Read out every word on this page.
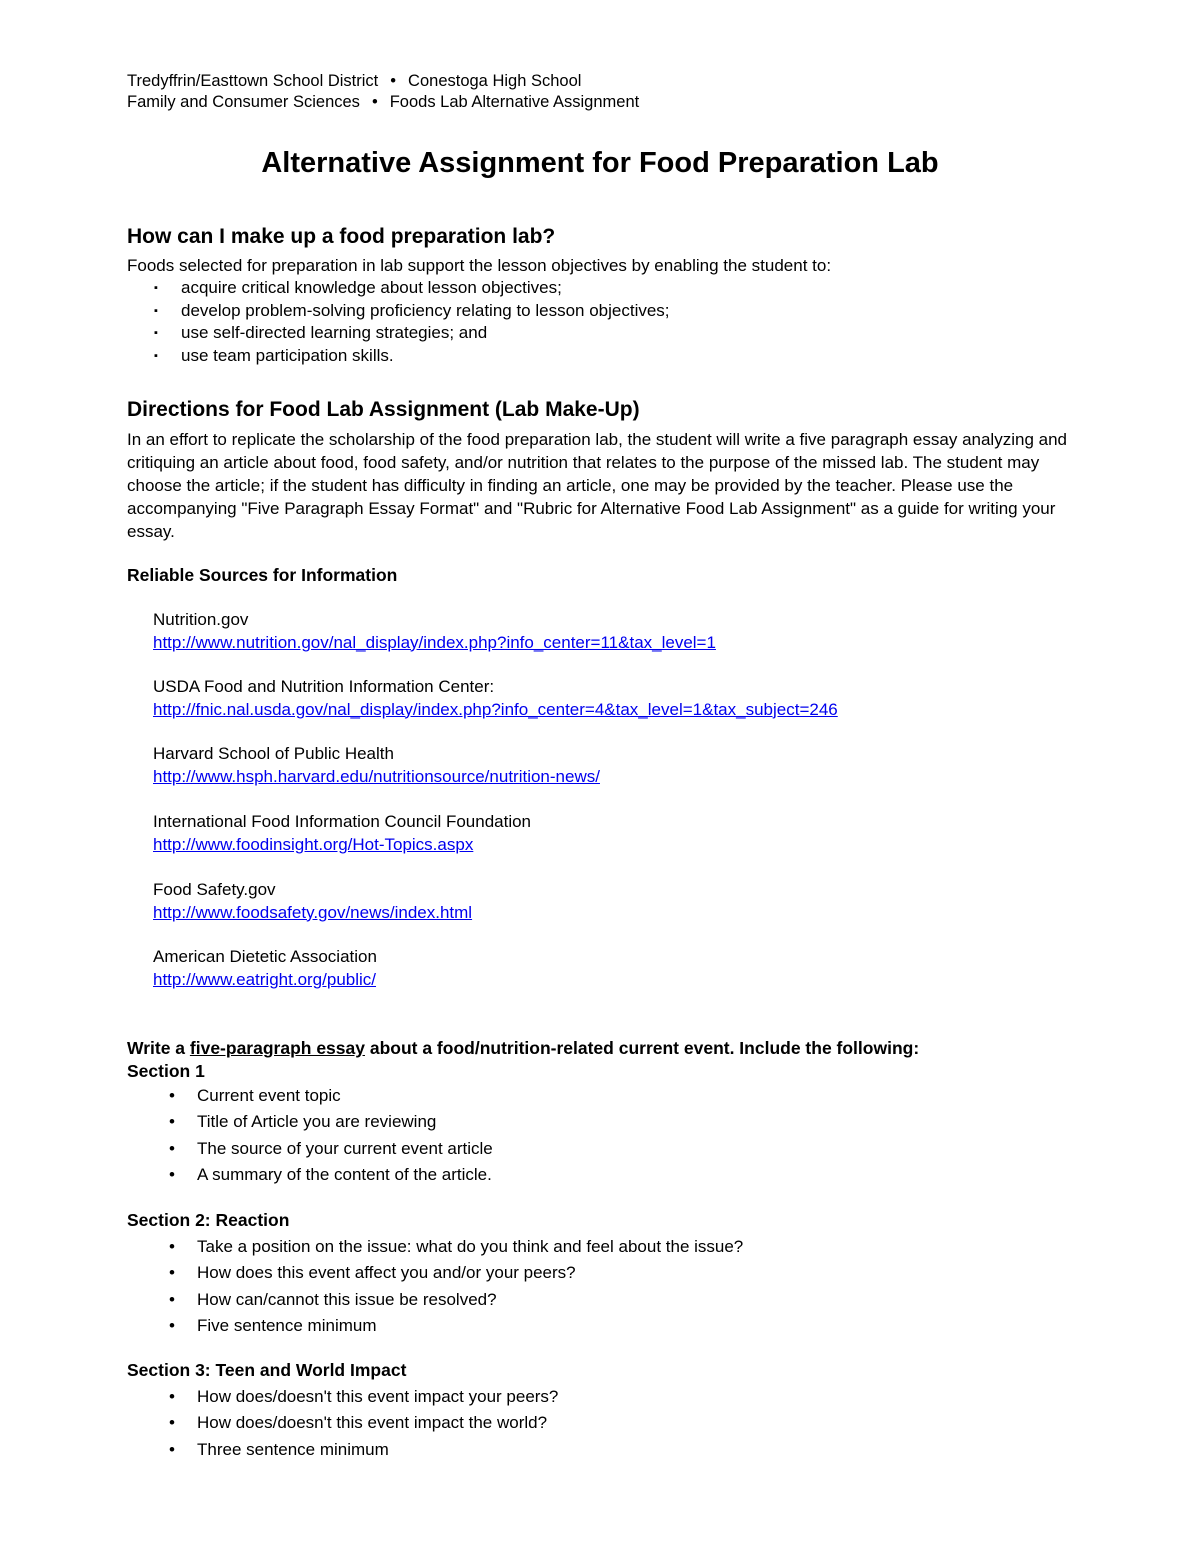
Tredyffrin/Easttown School District • Conestoga High School
Family and Consumer Sciences • Foods Lab Alternative Assignment
Alternative Assignment for Food Preparation Lab
How can I make up a food preparation lab?

Foods selected for preparation in lab support the lesson objectives by enabling the student to:

▪ acquire critical knowledge about lesson objectives;
▪ develop problem-solving proficiency relating to lesson objectives;
▪ use self-directed learning strategies; and
▪ use team participation skills.
Directions for Food Lab Assignment (Lab Make-Up)

In an effort to replicate the scholarship of the food preparation lab, the student will write a five paragraph essay analyzing and critiquing an article about food, food safety, and/or nutrition that relates to the purpose of the missed lab. The student may choose the article; if the student has difficulty in finding an article, one may be provided by the teacher. Please use the accompanying "Five Paragraph Essay Format" and "Rubric for Alternative Food Lab Assignment" as a guide for writing your essay.

Reliable Sources for Information
Nutrition.gov
http://www.nutrition.gov/nal_display/index.php?info_center=11&tax_level=1
USDA Food and Nutrition Information Center:
http://fnic.nal.usda.gov/nal_display/index.php?info_center=4&tax_level=1&tax_subject=246
Harvard School of Public Health
http://www.hsph.harvard.edu/nutritionsource/nutrition-news/
International Food Information Council Foundation
http://www.foodinsight.org/Hot-Topics.aspx
Food Safety.gov
http://www.foodsafety.gov/news/index.html
American Dietetic Association
http://www.eatright.org/public/
Write a five-paragraph essay about a food/nutrition-related current event. Include the following:
Section 1
• Current event topic
• Title of Article you are reviewing
• The source of your current event article
• A summary of the content of the article.
Section 2: Reaction
• Take a position on the issue: what do you think and feel about the issue?
• How does this event affect you and/or your peers?
• How can/cannot this issue be resolved?
• Five sentence minimum
Section 3: Teen and World Impact
• How does/doesn't this event impact your peers?
• How does/doesn't this event impact the world?
• Three sentence minimum
